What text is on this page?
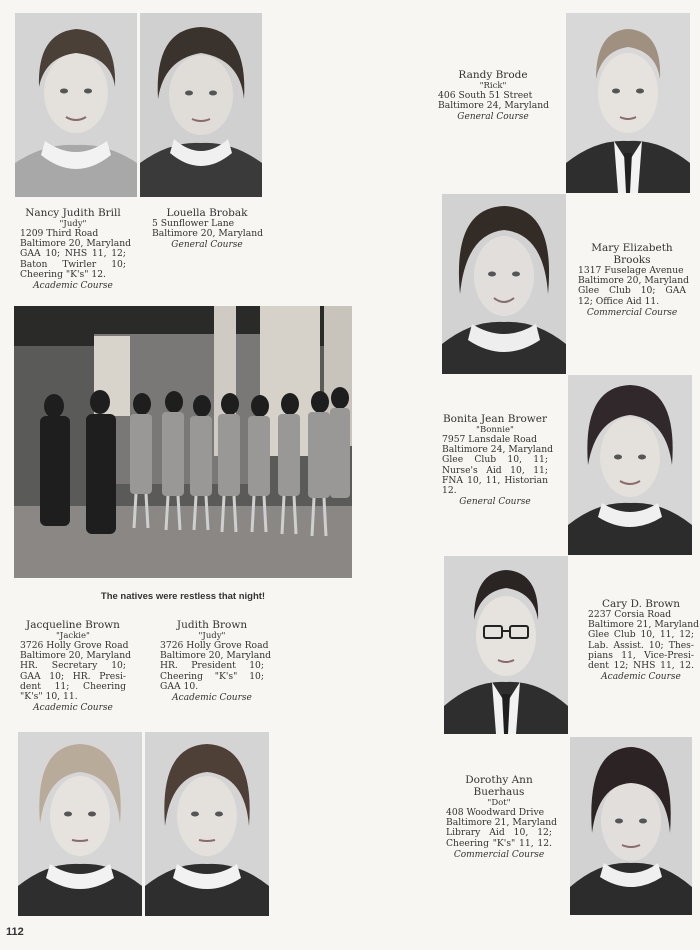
Nancy Judith Brill
"Judy"
1209 Third Road
Baltimore 20, Maryland
GAA 10; NHS 11, 12;
Baton Twirler 10;
Cheering "K's" 12.
Academic Course
Louella Brobak
5 Sunflower Lane
Baltimore 20, Maryland
General Course
Randy Brode
"Rick"
406 South 51 Street
Baltimore 24, Maryland
General Course
Mary Elizabeth
Brooks
1317 Fuselage Avenue
Baltimore 20, Maryland
Glee Club 10; GAA
12; Office Aid 11.
Commercial Course
Bonita Jean Brower
"Bonnie"
7957 Lansdale Road
Baltimore 24, Maryland
Glee Club 10, 11;
Nurse's Aid 10, 11;
FNA 10, 11, Historian
12.
General Course
Jacqueline Brown
"Jackie"
3726 Holly Grove Road
Baltimore 20, Maryland
HR. Secretary 10;
GAA 10; HR. Presi-
dent 11; Cheering
"K's" 10, 11.
Academic Course
Judith Brown
"Judy"
3726 Holly Grove Road
Baltimore 20, Maryland
HR. President 10;
Cheering "K's" 10;
GAA 10.
Academic Course
Cary D. Brown
2237 Corsia Road
Baltimore 21, Maryland
Glee Club 10, 11, 12;
Lab. Assist. 10; Thes-
pians 11, Vice-Presi-
dent 12; NHS 11, 12.
Academic Course
Dorothy Ann
Buerhaus
"Dot"
408 Woodward Drive
Baltimore 21, Maryland
Library Aid 10, 12;
Cheering "K's" 11, 12.
Commercial Course
The natives were restless that night!
112
